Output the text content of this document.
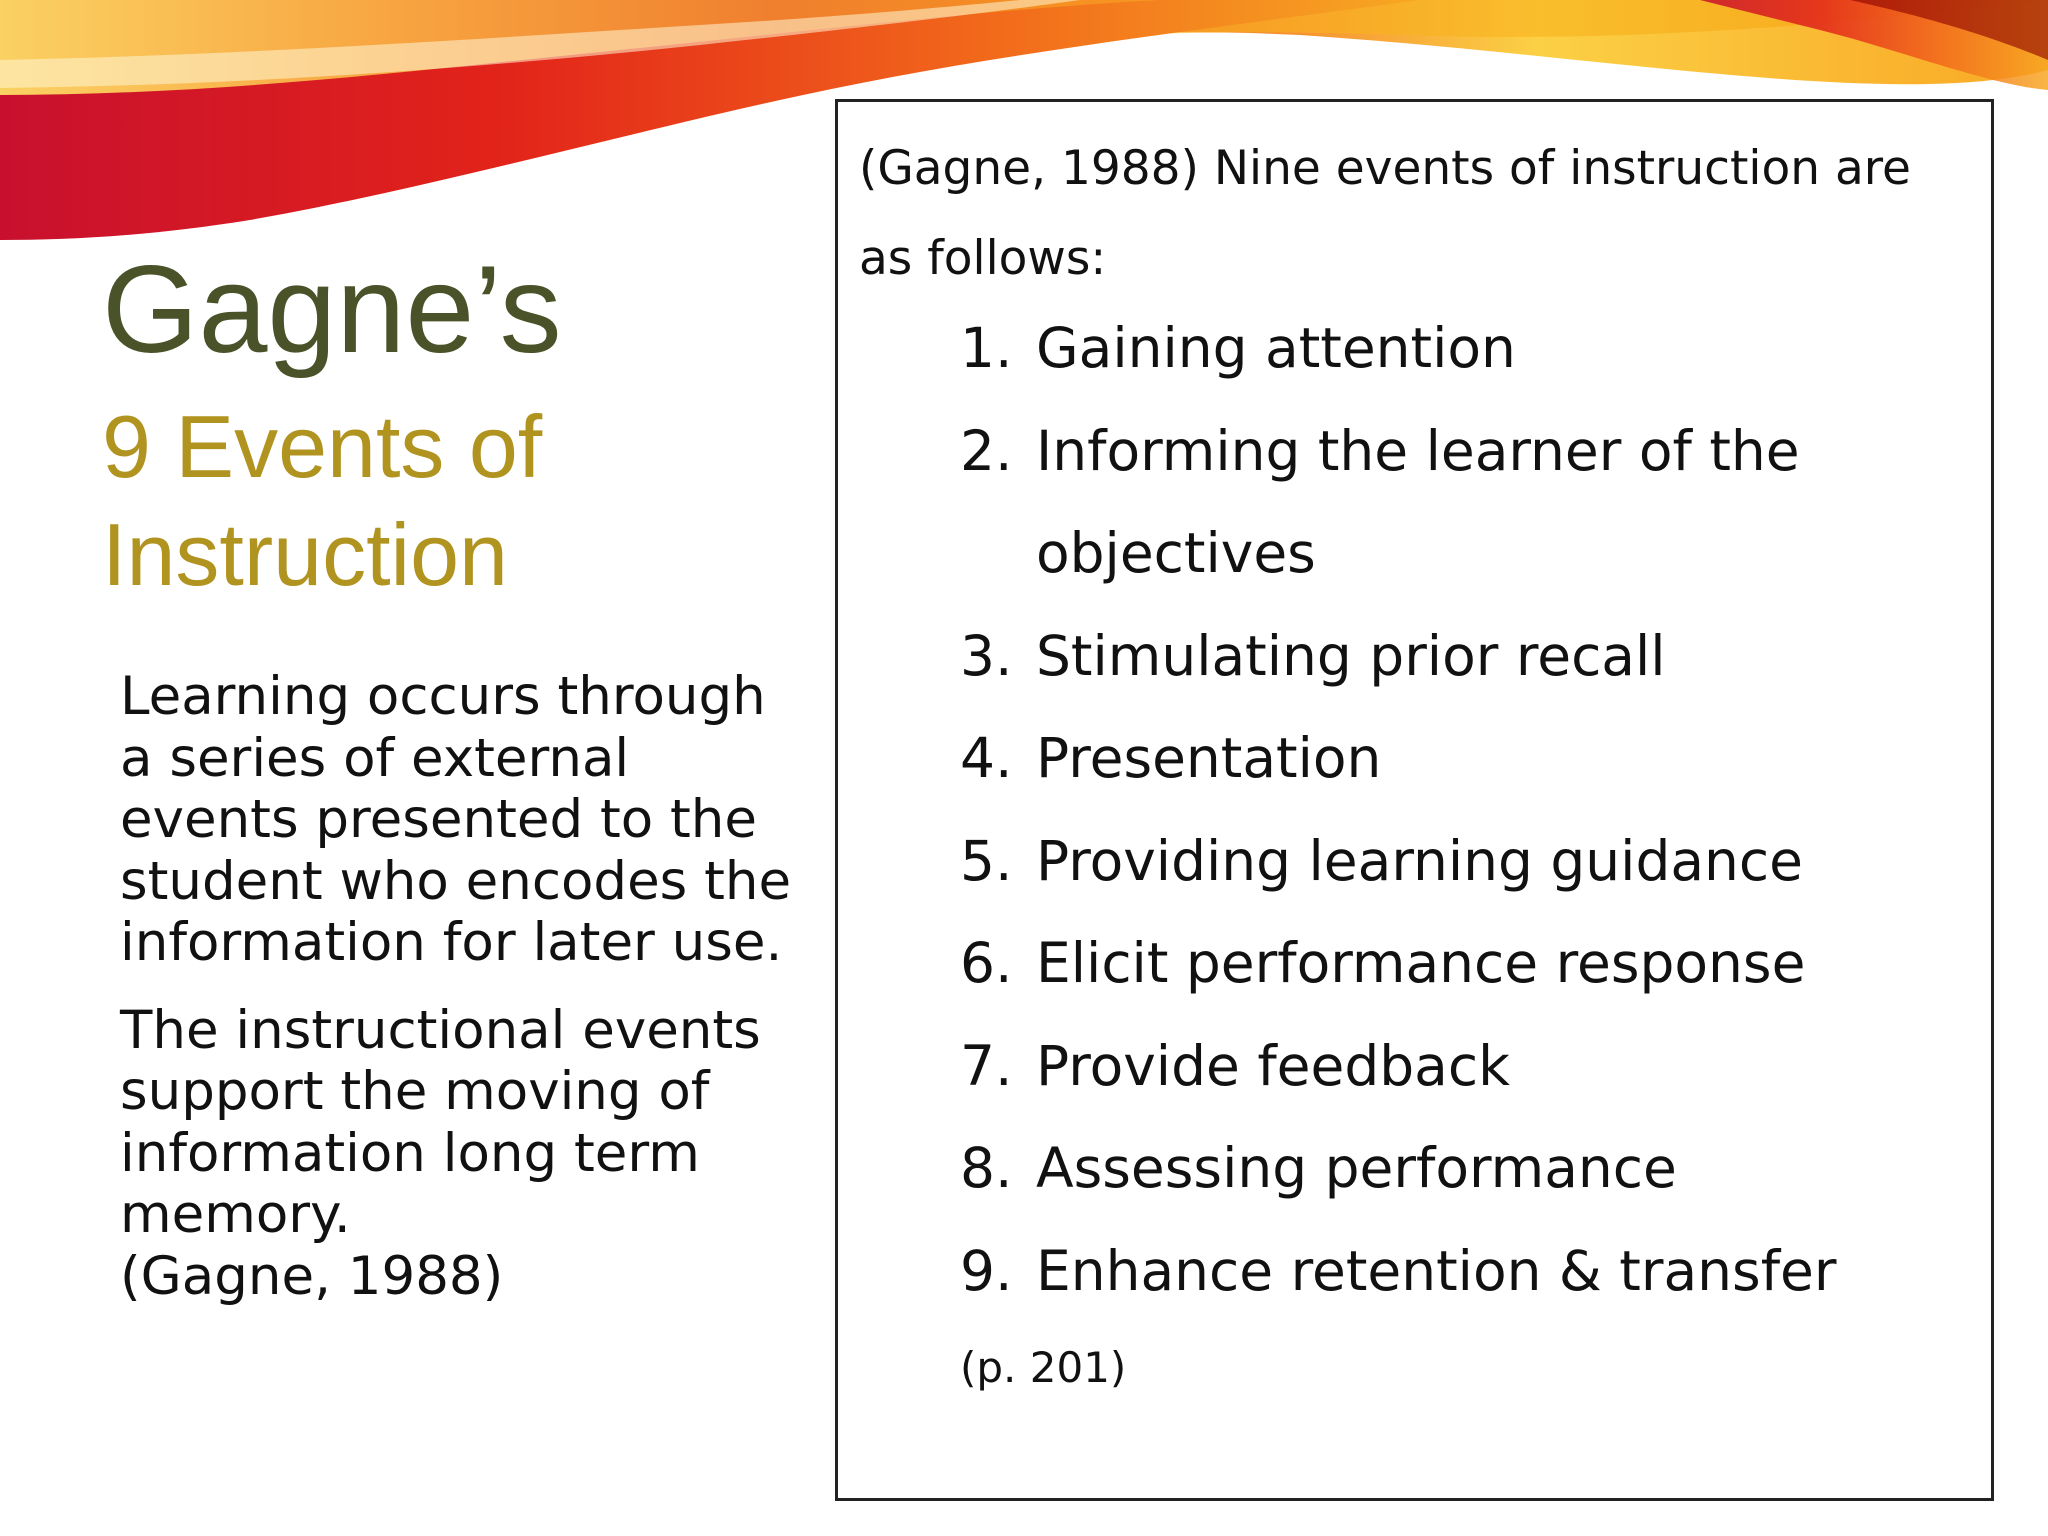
Gagne’s
9 Events of Instruction

Learning occurs through a series of external events presented to the student who encodes the information for later use.

The instructional events support the moving of information long term memory.
(Gagne, 1988)

(Gagne, 1988) Nine events of instruction are as follows:

1. Gaining attention
2. Informing the learner of the objectives
3. Stimulating prior recall
4. Presentation
5. Providing learning guidance
6. Elicit performance response
7. Provide feedback
8. Assessing performance
9. Enhance retention & transfer

(p. 201)
